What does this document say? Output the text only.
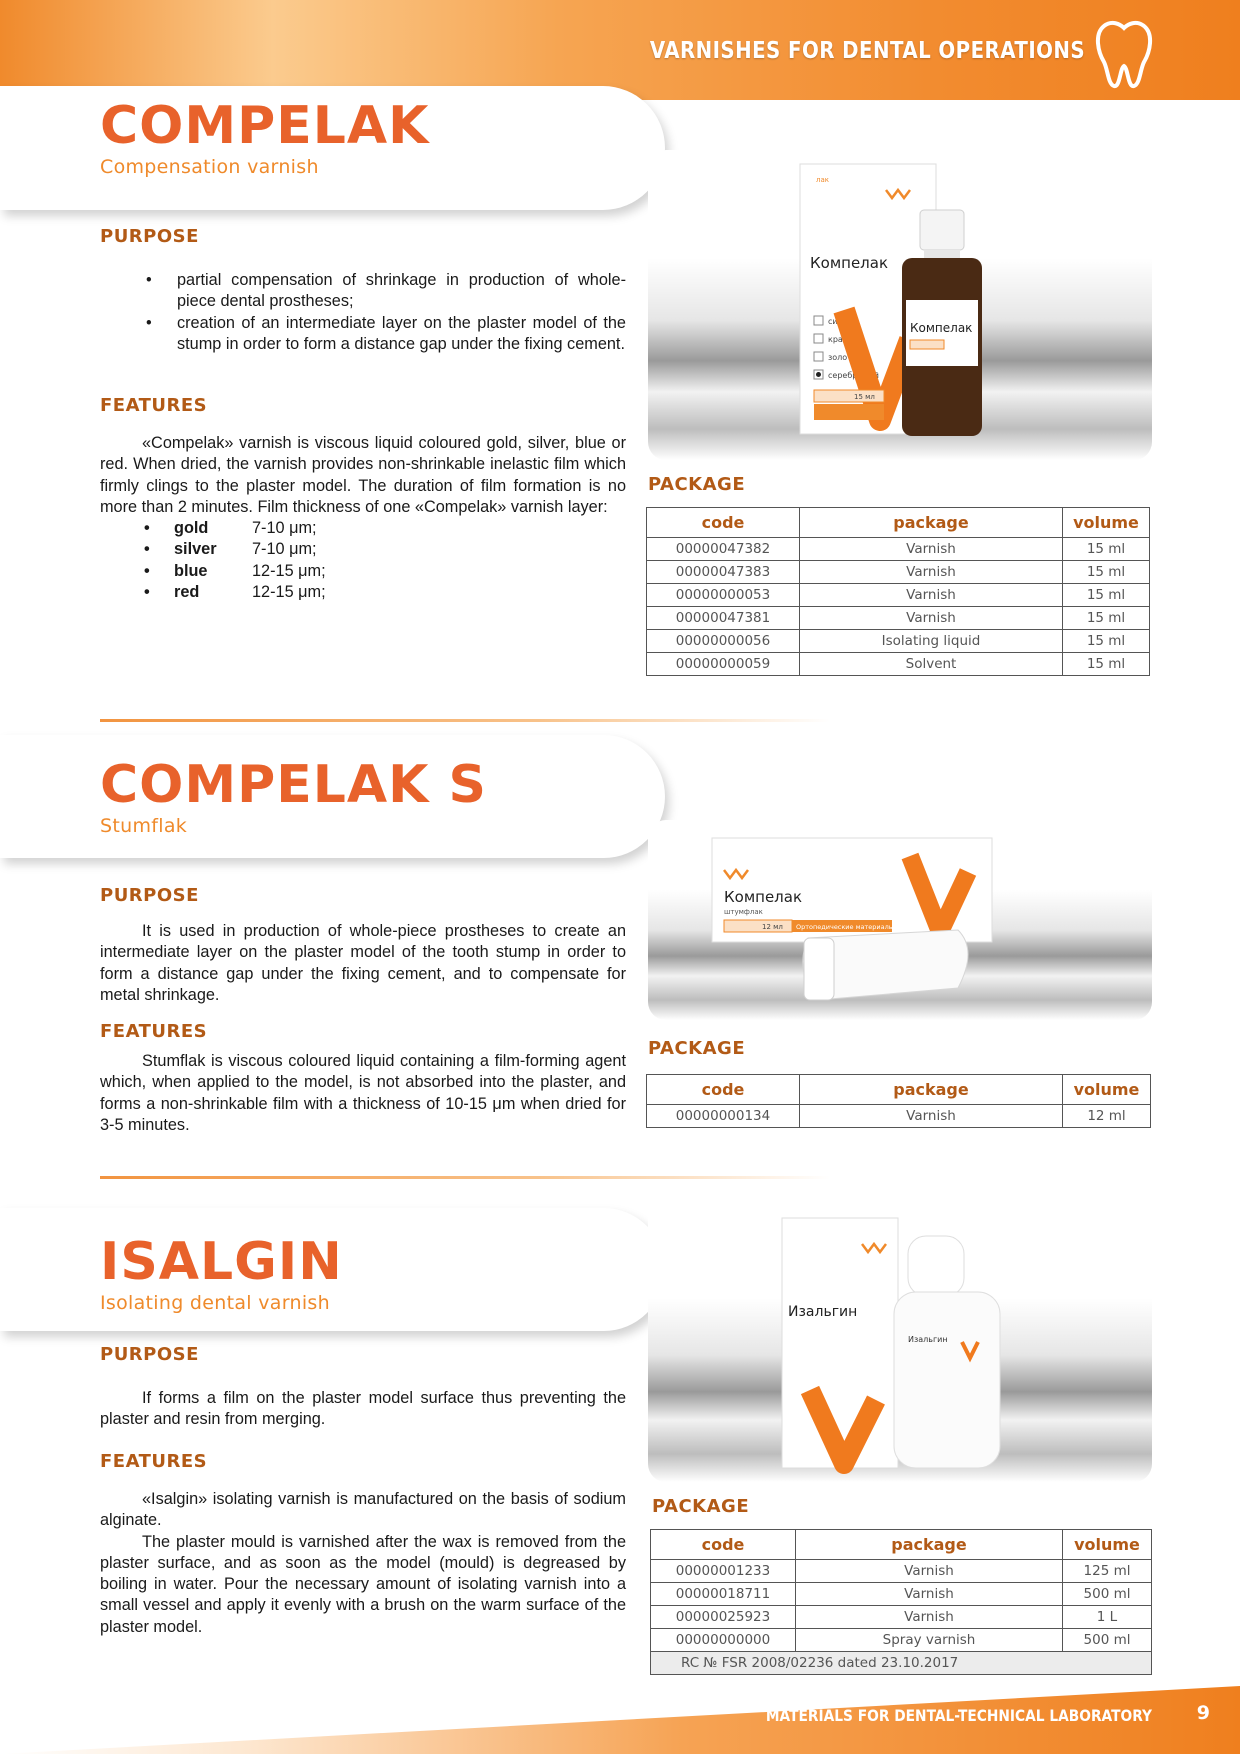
VARNISHES FOR DENTAL OPERATIONS
COMPELAK
Compensation varnish
PURPOSE
• partial compensation of shrinkage in production of whole-piece dental prostheses;
• creation of an intermediate layer on the plaster model of the stump in order to form a distance gap under the fixing cement.
FEATURES

«Compelak» varnish is viscous liquid coloured gold, silver, blue or red. When dried, the varnish provides non-shrinkable inelastic film which firmly clings to the plaster model. The duration of film formation is no more than 2 minutes. Film thickness of one «Compelak» varnish layer:

• gold	7-10 μm;
• silver 7-10 μm;
• blue	12-15 μm;
• red	12-15 μm;
лак
Компелак
синий
красный
золотой
серебряный
15 мл
Компелак
PACKAGE
code	package	volume
00000047382	Varnish	15 ml
00000047383	Varnish	15 ml
00000000053	Varnish	15 ml
00000047381	Varnish	15 ml
00000000056	Isolating liquid	15 ml
00000000059	Solvent	15 ml
COMPELAK S
Stumflak
PURPOSE

It is used in production of whole-piece prostheses to create an intermediate layer on the plaster model of the tooth stump in order to form a distance gap under the fixing cement, and to compensate for metal shrinkage.

FEATURES

Stumflak is viscous coloured liquid containing a film-forming agent which, when applied to the model, is not absorbed into the plaster, and forms a non-shrinkable film with a thickness of 10-15 μm when dried for 3-5 minutes.

Компелак
штумфлак
12 мл Ортопедические материалы
PACKAGE
code	package	volume
00000000134	Varnish	12 ml
ISALGIN
Isolating dental varnish
PURPOSE

If forms a film on the plaster model surface thus preventing the plaster and resin from merging.

FEATURES

«Isalgin» isolating varnish is manufactured on the basis of sodium alginate.

The plaster mould is varnished after the wax is removed from the plaster surface, and as soon as the model (mould) is degreased by boiling in water. Pour the necessary amount of isolating varnish into a small vessel and apply it evenly with a brush on the warm surface of the plaster model.

Изальгин
Изальгин
PACKAGE
code	package	volume
00000001233	Varnish	125 ml
00000018711	Varnish	500 ml
00000025923	Varnish	1 L
00000000000	Spray varnish	500 ml
RC № FSR 2008/02236 dated 23.10.2017		
MATERIALS FOR DENTAL-TECHNICAL LABORATORY 9
